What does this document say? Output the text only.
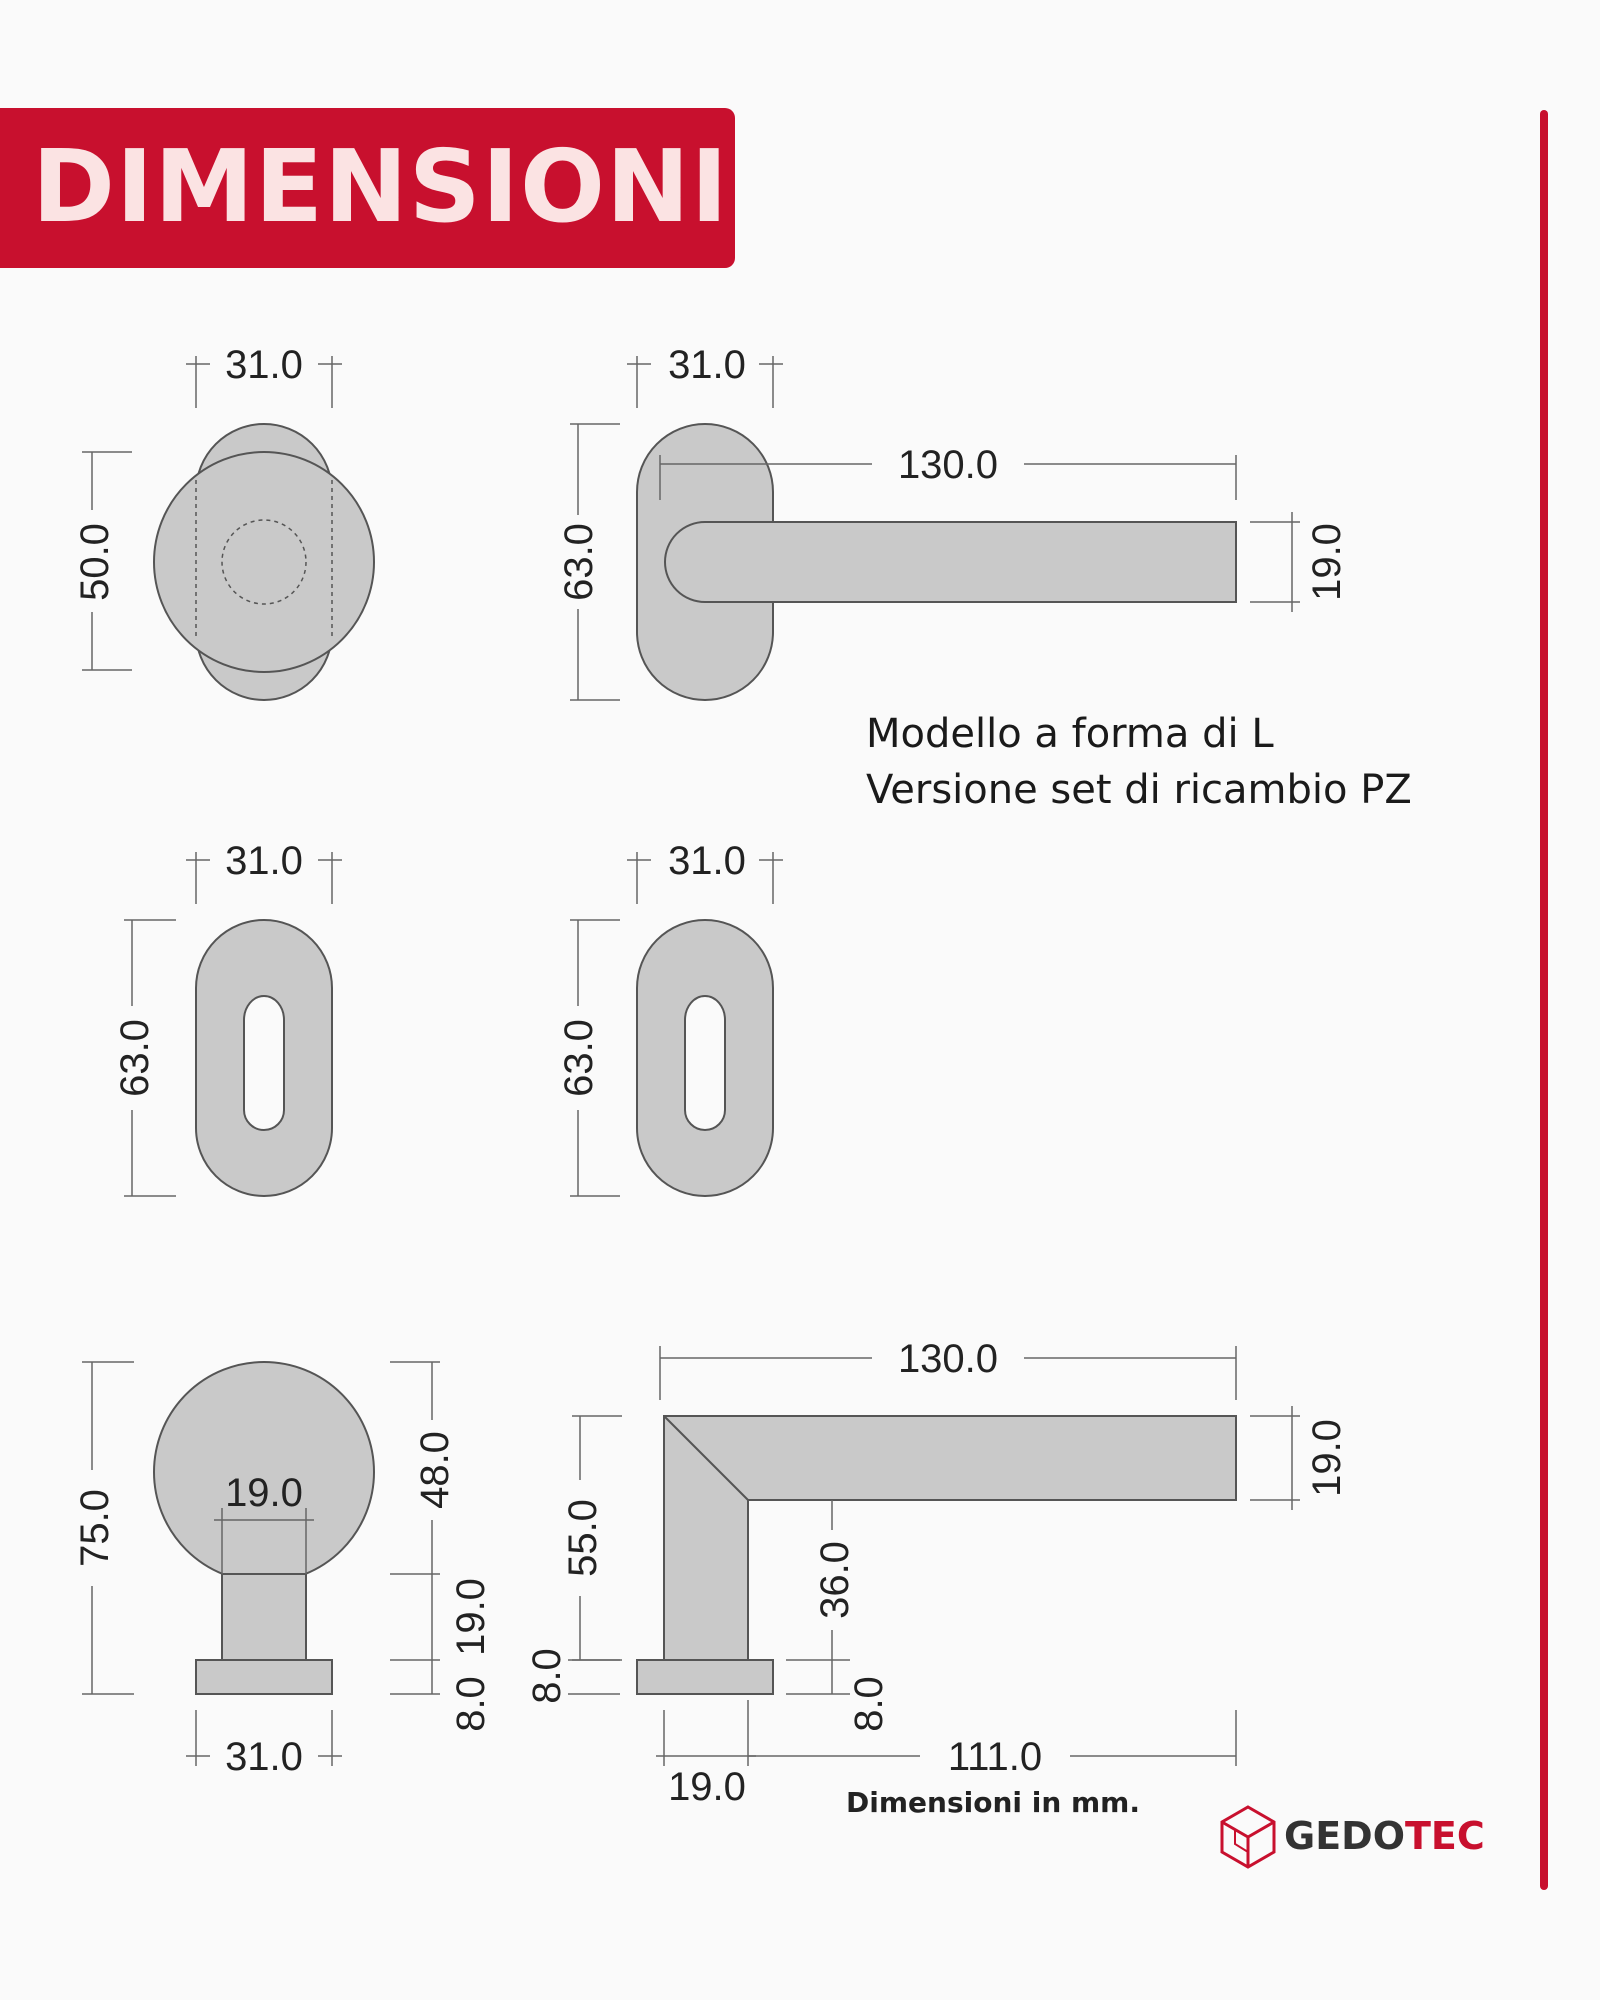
DIMENSIONI
31.0
50.0
31.0
63.0
130.0
19.0
31.0
63.0
31.0
63.0
19.0
75.0
48.0
19.0
8.0
31.0
130.0
19.0
55.0
36.0
8.0
8.0
111.0
19.0
Modello a forma di L
Versione set di ricambio PZ
Dimensioni in mm.
GEDOTEC
